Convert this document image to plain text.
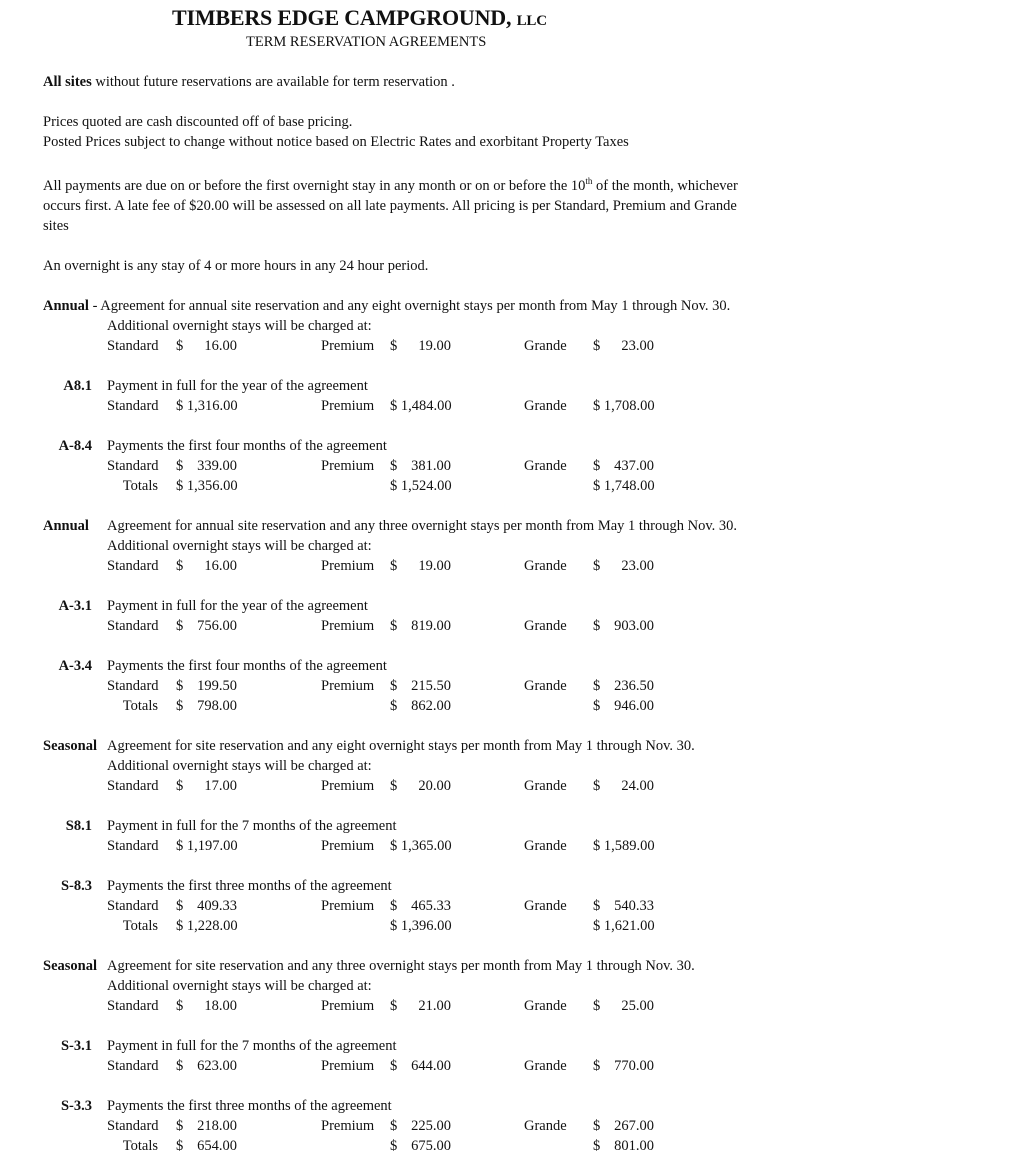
TIMBERS EDGE CAMPGROUND, LLC
TERM RESERVATION AGREEMENTS
All sites without future reservations are available for term reservation .
Prices quoted are cash discounted off of base pricing.
Posted Prices subject to change without notice based on Electric Rates and exorbitant Property Taxes
All payments are due on or before the first overnight stay in any month or on or before the 10th of the month, whichever
occurs first. A late fee of $20.00 will be assessed on all late payments. All pricing is per Standard, Premium and Grande
sites
An overnight is any stay of 4 or more hours in any 24 hour period.
Annual - Agreement for annual site reservation and any eight overnight stays per month from May 1 through Nov. 30.
Additional overnight stays will be charged at:
Standard $	16.00	Premium $	19.00	Grande $	23.00
A8.1 Payment in full for the year of the agreement
Standard $ 1,316.00	Premium $ 1,484.00	Grande $ 1,708.00
A-8.4 Payments the first four months of the agreement
Standard $ 339.00	Premium $ 381.00	Grande $ 437.00
Totals $ 1,356.00	$ 1,524.00	$ 1,748.00
Annual Agreement for annual site reservation and any three overnight stays per month from May 1 through Nov. 30.
Additional overnight stays will be charged at:
Standard $	16.00	Premium $	19.00	Grande $	23.00
A-3.1 Payment in full for the year of the agreement
Standard $ 756.00	Premium $ 819.00	Grande $ 903.00
A-3.4 Payments the first four months of the agreement
Standard $ 199.50	Premium $ 215.50	Grande $ 236.50
Totals $ 798.00	$ 862.00	$ 946.00
Seasonal Agreement for site reservation and any eight overnight stays per month from May 1 through Nov. 30.
Additional overnight stays will be charged at:
Standard $	17.00	Premium $	20.00	Grande $	24.00
S8.1 Payment in full for the 7 months of the agreement
Standard $ 1,197.00	Premium $ 1,365.00	Grande $ 1,589.00
S-8.3 Payments the first three months of the agreement
Standard $ 409.33	Premium $ 465.33	Grande $ 540.33
Totals $ 1,228.00	$ 1,396.00	$ 1,621.00
Seasonal Agreement for site reservation and any three overnight stays per month from May 1 through Nov. 30.
Additional overnight stays will be charged at:
Standard $	18.00	Premium $	21.00	Grande $	25.00
S-3.1 Payment in full for the 7 months of the agreement
Standard $ 623.00	Premium $ 644.00	Grande $ 770.00
S-3.3 Payments the first three months of the agreement
Standard $ 218.00	Premium $ 225.00	Grande $ 267.00
Totals $ 654.00	$ 675.00	$ 801.00
